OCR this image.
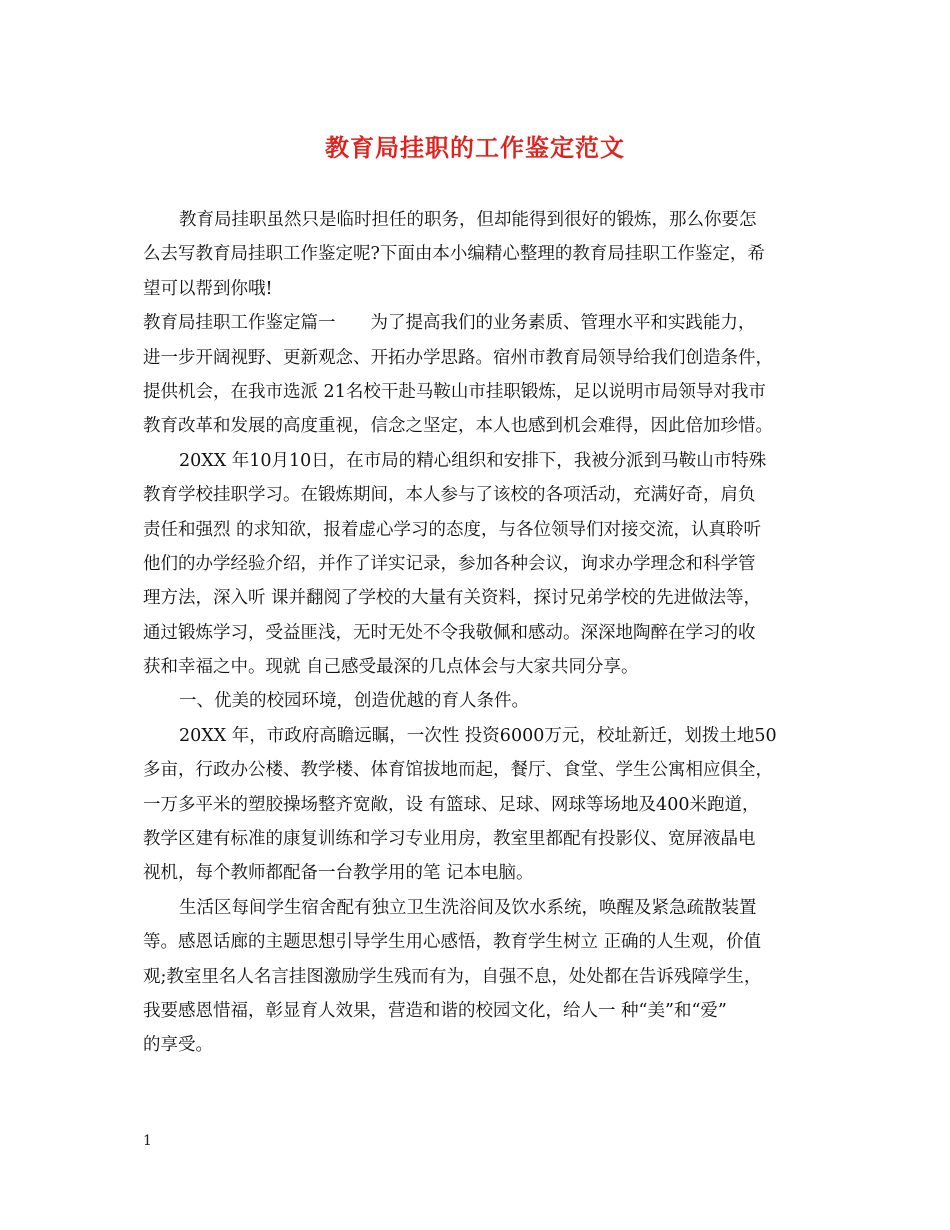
教育局挂职的工作鉴定范文
教育局挂职虽然只是临时担任的职务，但却能得到很好的锻炼，那么你要怎
么去写教育局挂职工作鉴定呢?下面由本小编精心整理的教育局挂职工作鉴定，希
望可以帮到你哦!
教育局挂职工作鉴定篇一　　为了提高我们的业务素质、管理水平和实践能力，
进一步开阔视野、更新观念、开拓办学思路。宿州市教育局领导给我们创造条件，
提供机会，在我市选派 21名校干赴马鞍山市挂职锻炼，足以说明市局领导对我市
教育改革和发展的高度重视，信念之坚定，本人也感到机会难得，因此倍加珍惜。
20XX 年10月10日，在市局的精心组织和安排下，我被分派到马鞍山市特殊
教育学校挂职学习。在锻炼期间，本人参与了该校的各项活动，充满好奇，肩负
责任和强烈 的求知欲，报着虚心学习的态度，与各位领导们对接交流，认真聆听
他们的办学经验介绍，并作了详实记录，参加各种会议，询求办学理念和科学管
理方法，深入听 课并翻阅了学校的大量有关资料，探讨兄弟学校的先进做法等，
通过锻炼学习，受益匪浅，无时无处不令我敬佩和感动。深深地陶醉在学习的收
获和幸福之中。现就 自己感受最深的几点体会与大家共同分享。
一、优美的校园环境，创造优越的育人条件。
20XX 年，市政府高瞻远瞩，一次性 投资6000万元，校址新迁，划拨土地50
多亩，行政办公楼、教学楼、体育馆拔地而起，餐厅、食堂、学生公寓相应俱全，
一万多平米的塑胶操场整齐宽敞，设 有篮球、足球、网球等场地及400米跑道，
教学区建有标准的康复训练和学习专业用房，教室里都配有投影仪、宽屏液晶电
视机，每个教师都配备一台教学用的笔 记本电脑。
生活区每间学生宿舍配有独立卫生洗浴间及饮水系统，唤醒及紧急疏散装置
等。感恩话廊的主题思想引导学生用心感悟，教育学生树立 正确的人生观，价值
观;教室里名人名言挂图激励学生残而有为，自强不息，处处都在告诉残障学生，
我要感恩惜福，彰显育人效果，营造和谐的校园文化，给人一 种“美”和“爱”
的享受。
1
